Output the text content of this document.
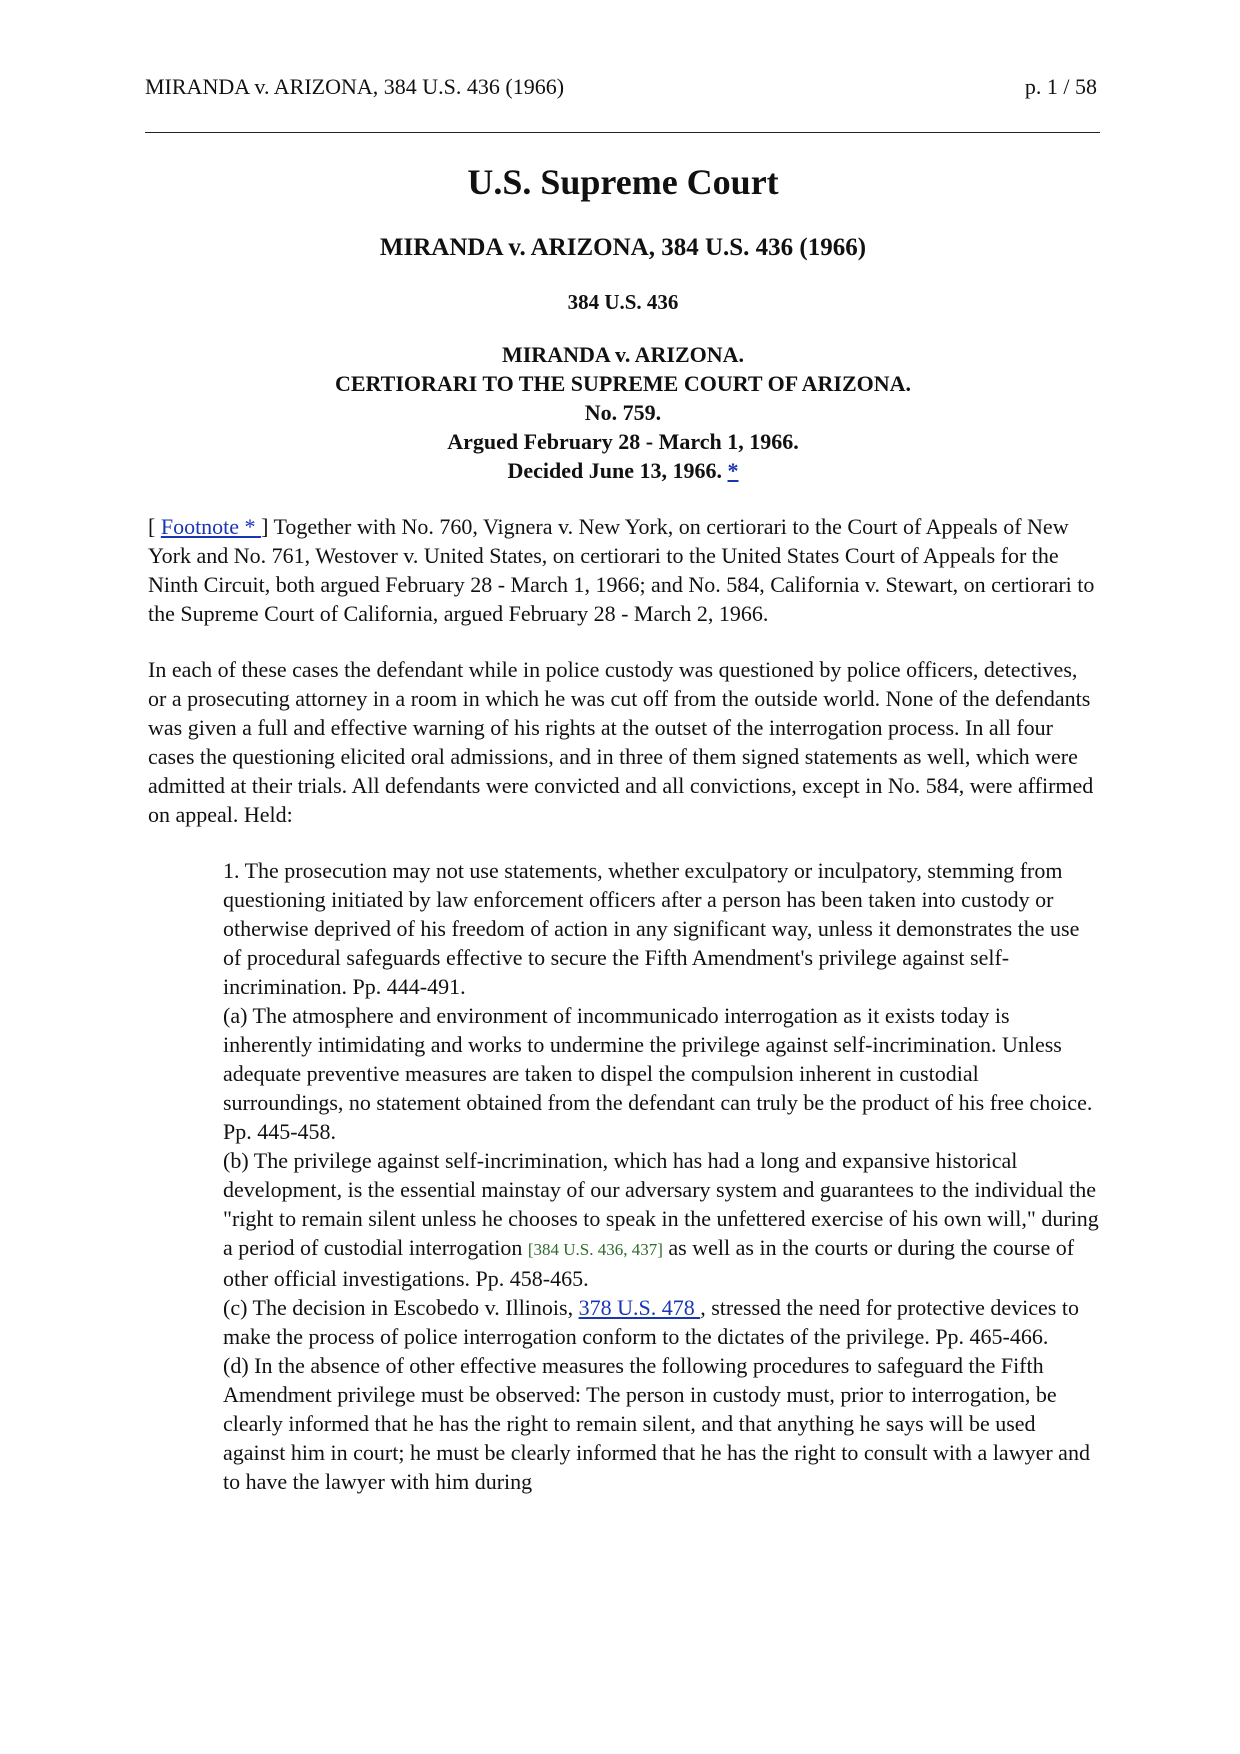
MIRANDA v. ARIZONA, 384 U.S. 436 (1966)	p. 1 / 58
U.S. Supreme Court
MIRANDA v. ARIZONA, 384 U.S. 436 (1966)
384 U.S. 436
MIRANDA v. ARIZONA.
CERTIORARI TO THE SUPREME COURT OF ARIZONA.
No. 759.
Argued February 28 - March 1, 1966.
Decided June 13, 1966. *

[ Footnote * ] Together with No. 760, Vignera v. New York, on certiorari to the Court of Appeals of New York and No. 761, Westover v. United States, on certiorari to the United States Court of Appeals for the Ninth Circuit, both argued February 28 - March 1, 1966; and No. 584, California v. Stewart, on certiorari to the Supreme Court of California, argued February 28 - March 2, 1966.

In each of these cases the defendant while in police custody was questioned by police officers, detectives, or a prosecuting attorney in a room in which he was cut off from the outside world. None of the defendants was given a full and effective warning of his rights at the outset of the interrogation process. In all four cases the questioning elicited oral admissions, and in three of them signed statements as well, which were admitted at their trials. All defendants were convicted and all convictions, except in No. 584, were affirmed on appeal. Held:

1. The prosecution may not use statements, whether exculpatory or inculpatory, stemming from questioning initiated by law enforcement officers after a person has been taken into custody or otherwise deprived of his freedom of action in any significant way, unless it demonstrates the use of procedural safeguards effective to secure the Fifth Amendment's privilege against self-incrimination. Pp. 444-491.

(a) The atmosphere and environment of incommunicado interrogation as it exists today is inherently intimidating and works to undermine the privilege against self-incrimination. Unless adequate preventive measures are taken to dispel the compulsion inherent in custodial surroundings, no statement obtained from the defendant can truly be the product of his free choice. Pp. 445-458.

(b) The privilege against self-incrimination, which has had a long and expansive historical development, is the essential mainstay of our adversary system and guarantees to the individual the "right to remain silent unless he chooses to speak in the unfettered exercise of his own will," during a period of custodial interrogation [384 U.S. 436, 437] as well as in the courts or during the course of other official investigations. Pp. 458-465.

(c) The decision in Escobedo v. Illinois, 378 U.S. 478 , stressed the need for protective devices to make the process of police interrogation conform to the dictates of the privilege. Pp. 465-466.

(d) In the absence of other effective measures the following procedures to safeguard the Fifth Amendment privilege must be observed: The person in custody must, prior to interrogation, be clearly informed that he has the right to remain silent, and that anything he says will be used against him in court; he must be clearly informed that he has the right to consult with a lawyer and to have the lawyer with him during
